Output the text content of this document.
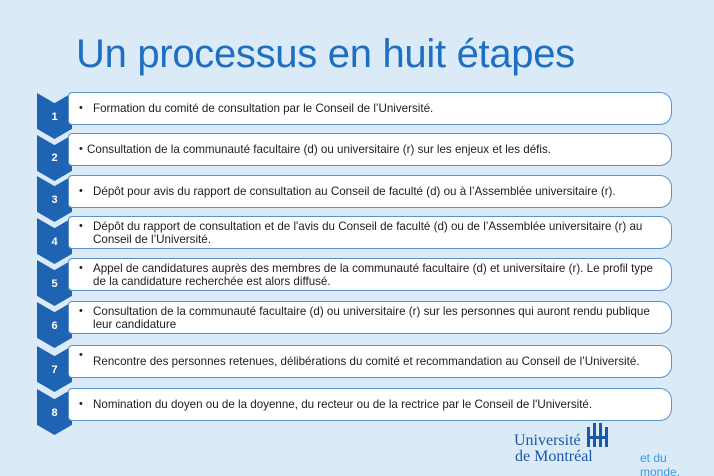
Un processus en huit étapes
1
• Formation du comité de consultation par le Conseil de l’Université.
2
• Consultation de la communauté facultaire (d) ou universitaire (r) sur les enjeux et les défis.
3
• Dépôt pour avis du rapport de consultation au Conseil de faculté (d) ou à l’Assemblée universitaire (r).
4
• Dépôt du rapport de consultation et de l'avis du Conseil de faculté (d) ou de l’Assemblée universitaire (r) au Conseil de l’Université.
5
• Appel de candidatures auprès des membres de la communauté facultaire (d) et universitaire (r). Le profil type de la candidature recherchée est alors diffusé.
6
• Consultation de la communauté facultaire (d) ou universitaire (r) sur les personnes qui auront rendu publique leur candidature
7
• Rencontre des personnes retenues, délibérations du comité et recommandation au Conseil de l’Université.
8
• Nomination du doyen ou de la doyenne, du recteur ou de la rectrice par le Conseil de l'Université.
Université
de Montréal	et du monde.
